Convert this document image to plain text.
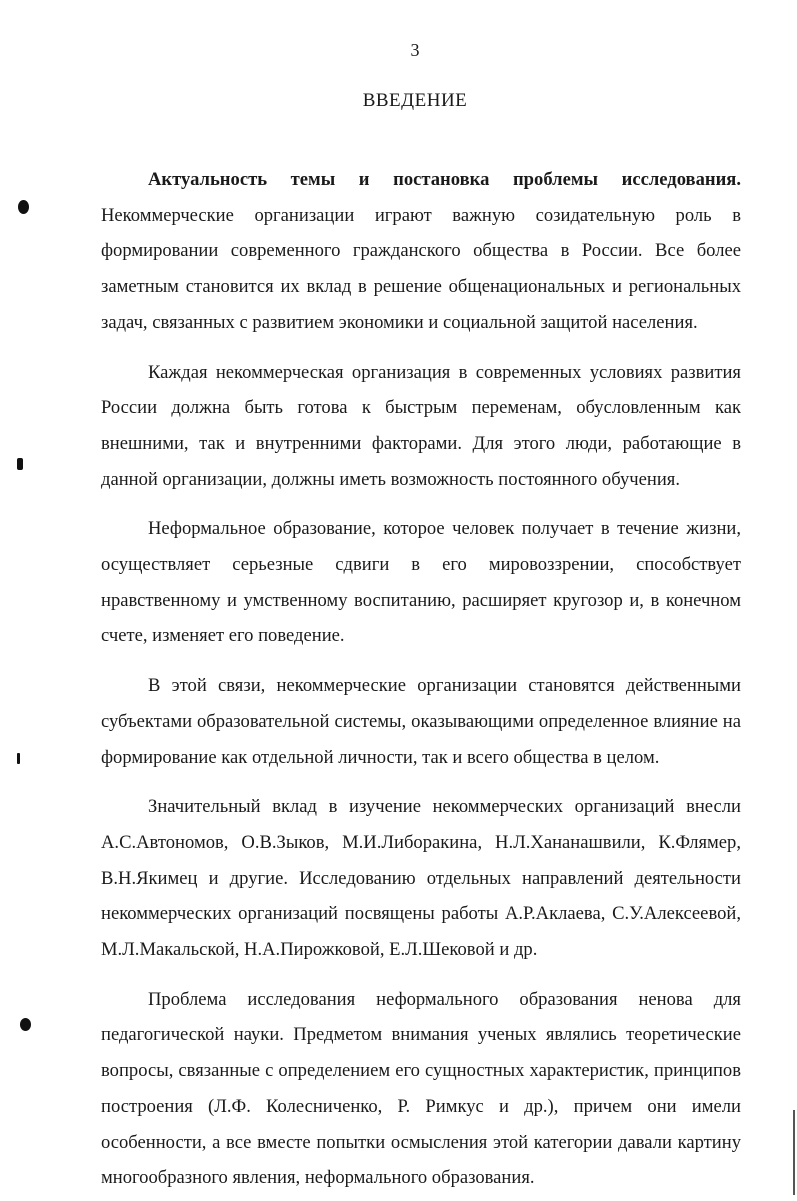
3
ВВЕДЕНИЕ

Актуальность темы и постановка проблемы исследования. Некоммерческие организации играют важную созидательную роль в формировании современного гражданского общества в России. Все более заметным становится их вклад в решение общенациональных и региональных задач, связанных с развитием экономики и социальной защитой населения.

Каждая некоммерческая организация в современных условиях развития России должна быть готова к быстрым переменам, обусловленным как внешними, так и внутренними факторами. Для этого люди, работающие в данной организации, должны иметь возможность постоянного обучения.

Неформальное образование, которое человек получает в течение жизни, осуществляет серьезные сдвиги в его мировоззрении, способствует нравственному и умственному воспитанию, расширяет кругозор и, в конечном счете, изменяет его поведение.

В этой связи, некоммерческие организации становятся действенными субъектами образовательной системы, оказывающими определенное влияние на формирование как отдельной личности, так и всего общества в целом.

Значительный вклад в изучение некоммерческих организаций внесли А.С.Автономов, О.В.Зыков, М.И.Либоракина, Н.Л.Хананашвили, К.Флямер, В.Н.Якимец и другие. Исследованию отдельных направлений деятельности некоммерческих организаций посвящены работы А.Р.Аклаева, С.У.Алексеевой, М.Л.Макальской, Н.А.Пирожковой, Е.Л.Шековой и др.

Проблема исследования неформального образования ненова для педагогической науки. Предметом внимания ученых являлись теоретические вопросы, связанные с определением его сущностных характеристик, принципов построения (Л.Ф. Колесниченко, Р. Римкус и др.), причем они имели особенности, а все вместе попытки осмысления этой категории давали картину многообразного явления, неформального образования.
